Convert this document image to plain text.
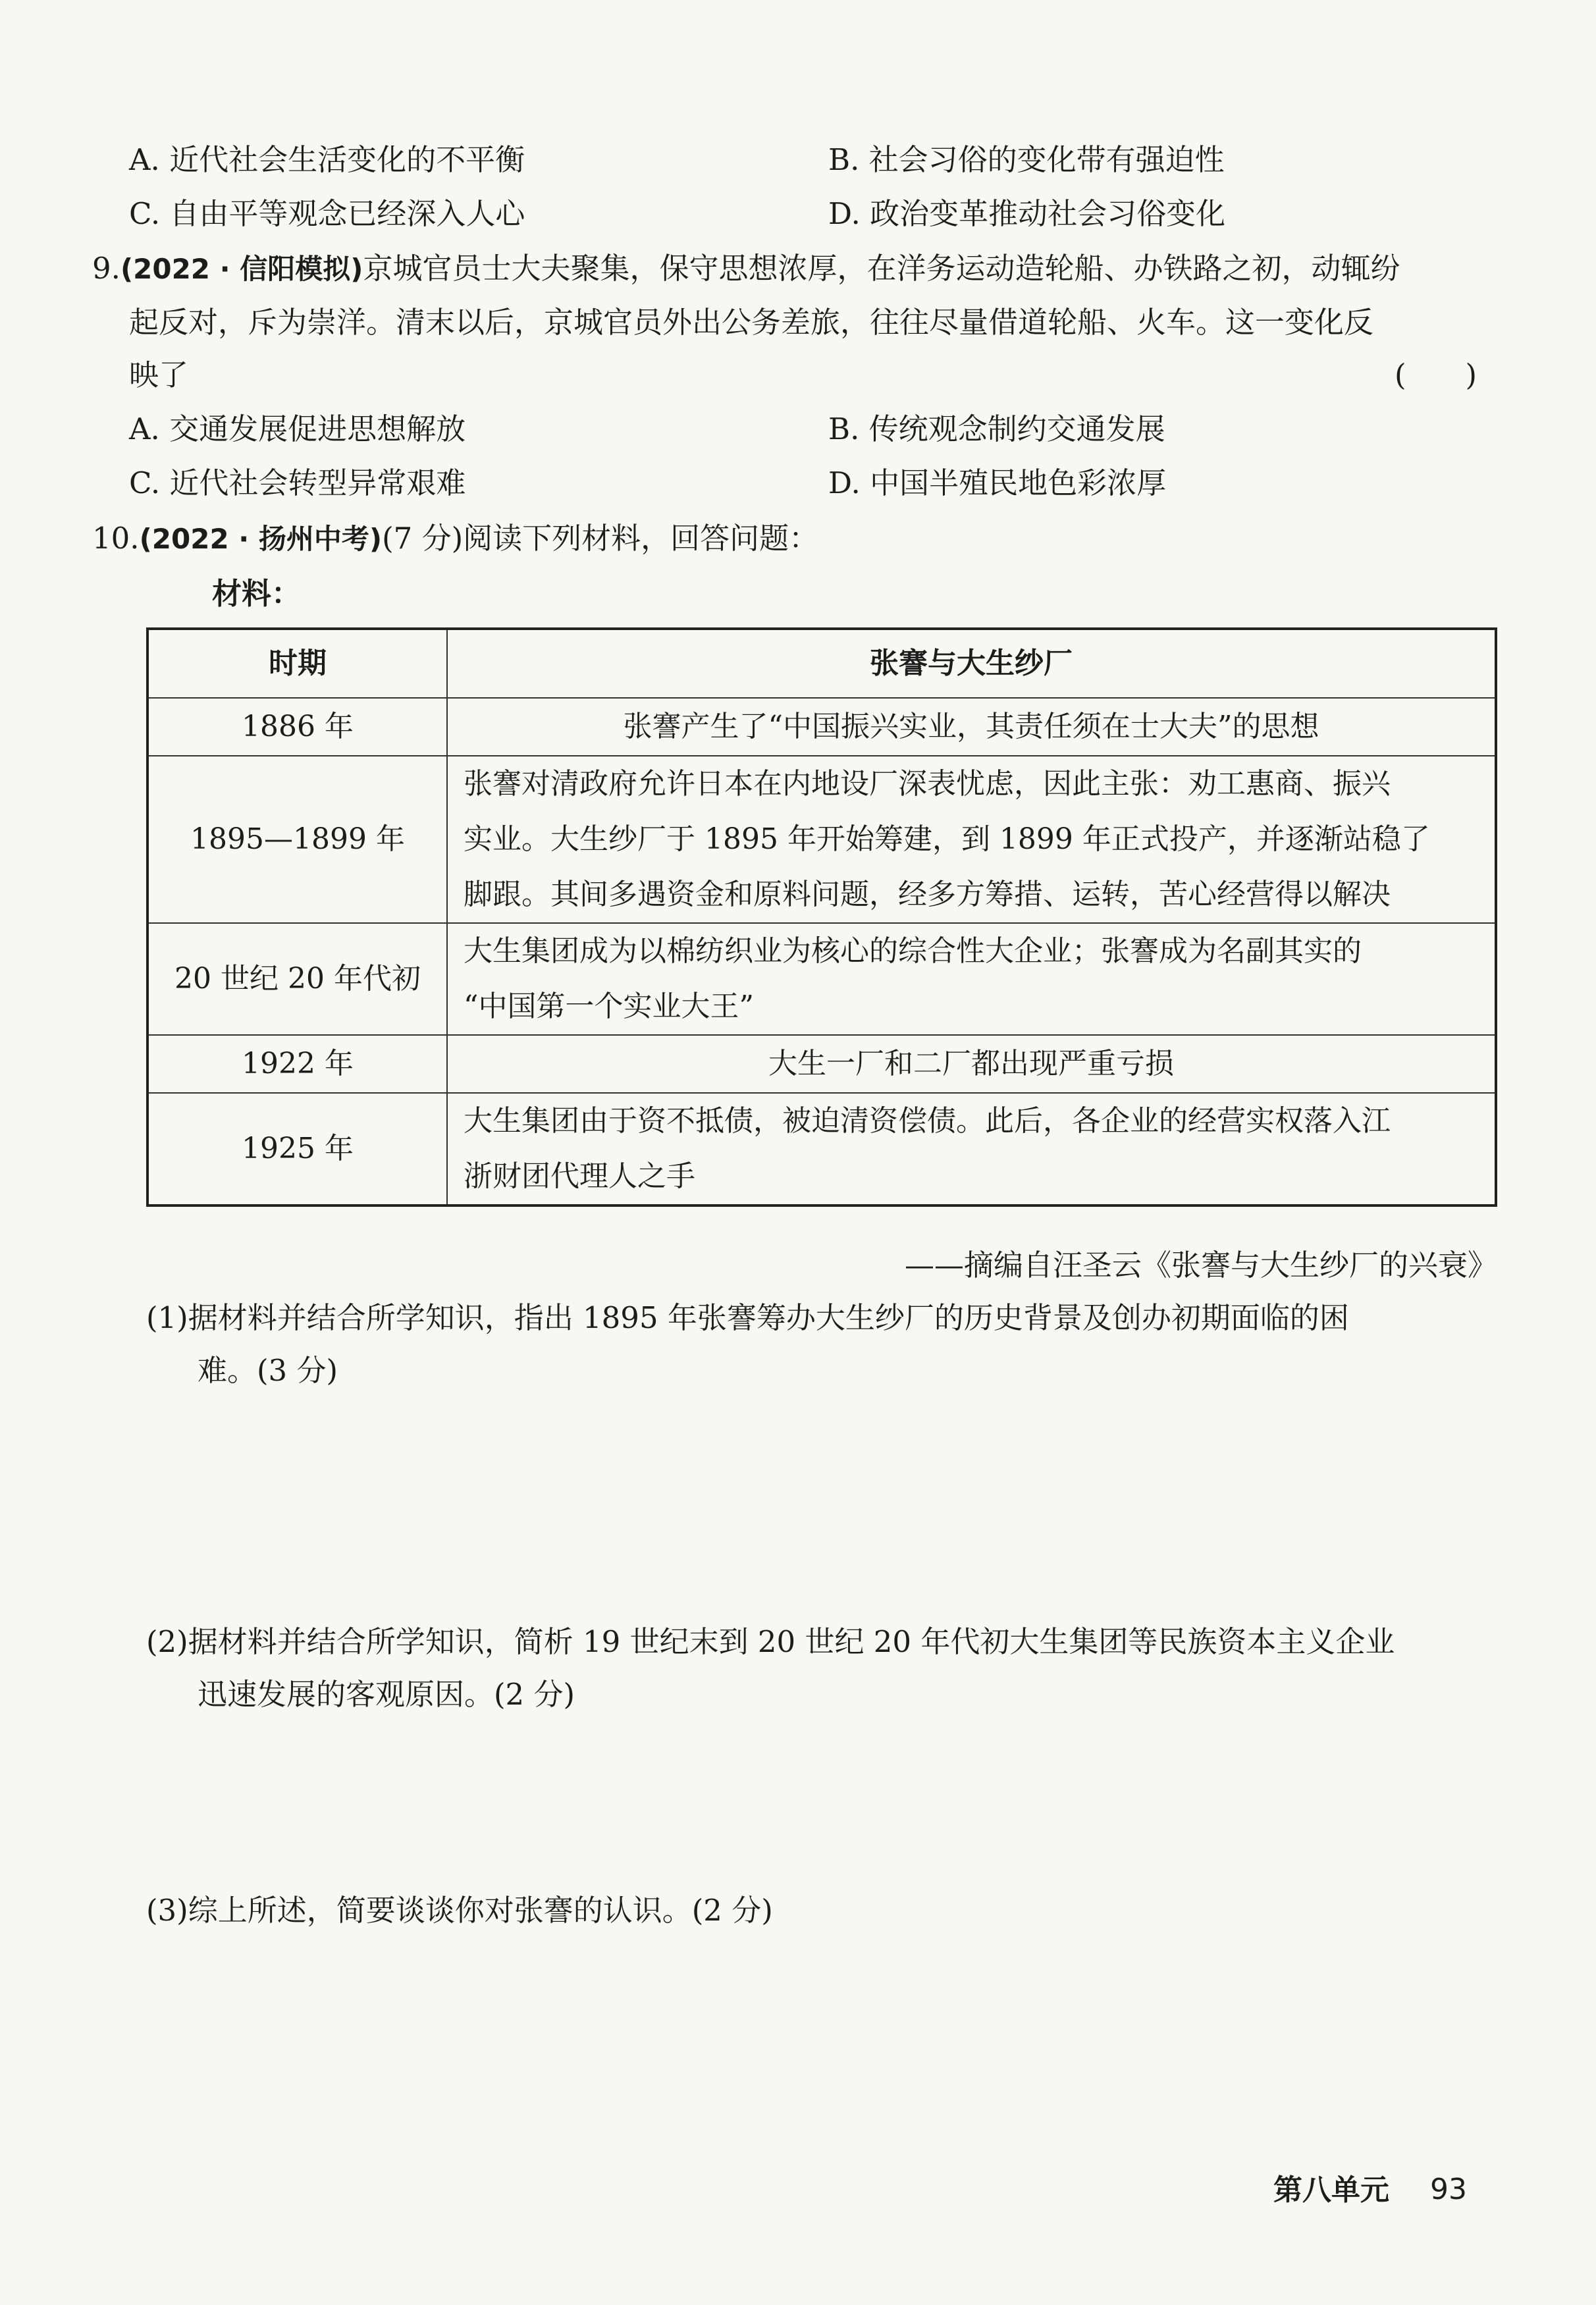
A. 近代社会生活变化的不平衡	B. 社会习俗的变化带有强迫性
C. 自由平等观念已经深入人心	D. 政治变革推动社会习俗变化
9.(2022 · 信阳模拟)京城官员士大夫聚集，保守思想浓厚，在洋务运动造轮船、办铁路之初，动辄纷
起反对，斥为崇洋。清末以后，京城官员外出公务差旅，往往尽量借道轮船、火车。这一变化反
映了	(　　)
A. 交通发展促进思想解放	B. 传统观念制约交通发展
C. 近代社会转型异常艰难	D. 中国半殖民地色彩浓厚
10.(2022 · 扬州中考)(7 分)阅读下列材料，回答问题：
材料：
时期	张謇与大生纱厂
1886 年	张謇产生了“中国振兴实业，其责任须在士大夫”的思想

1895—1899 年	张謇对清政府允许日本在内地设厂深表忧虑，因此主张：劝工惠商、振兴
实业。大生纱厂于 1895 年开始筹建，到 1899 年正式投产，并逐渐站稳了
脚跟。其间多遇资金和原料问题，经多方筹措、运转，苦心经营得以解决

20 世纪 20 年代初	大生集团成为以棉纺织业为核心的综合性大企业；张謇成为名副其实的
“中国第一个实业大王”

1922 年	大生一厂和二厂都出现严重亏损

1925 年	大生集团由于资不抵债，被迫清资偿债。此后，各企业的经营实权落入江
浙财团代理人之手
——摘编自汪圣云《张謇与大生纱厂的兴衰》
(1)据材料并结合所学知识，指出 1895 年张謇筹办大生纱厂的历史背景及创办初期面临的困
难。(3 分)
(2)据材料并结合所学知识，简析 19 世纪末到 20 世纪 20 年代初大生集团等民族资本主义企业
迅速发展的客观原因。(2 分)
(3)综上所述，简要谈谈你对张謇的认识。(2 分)
第八单元 93
